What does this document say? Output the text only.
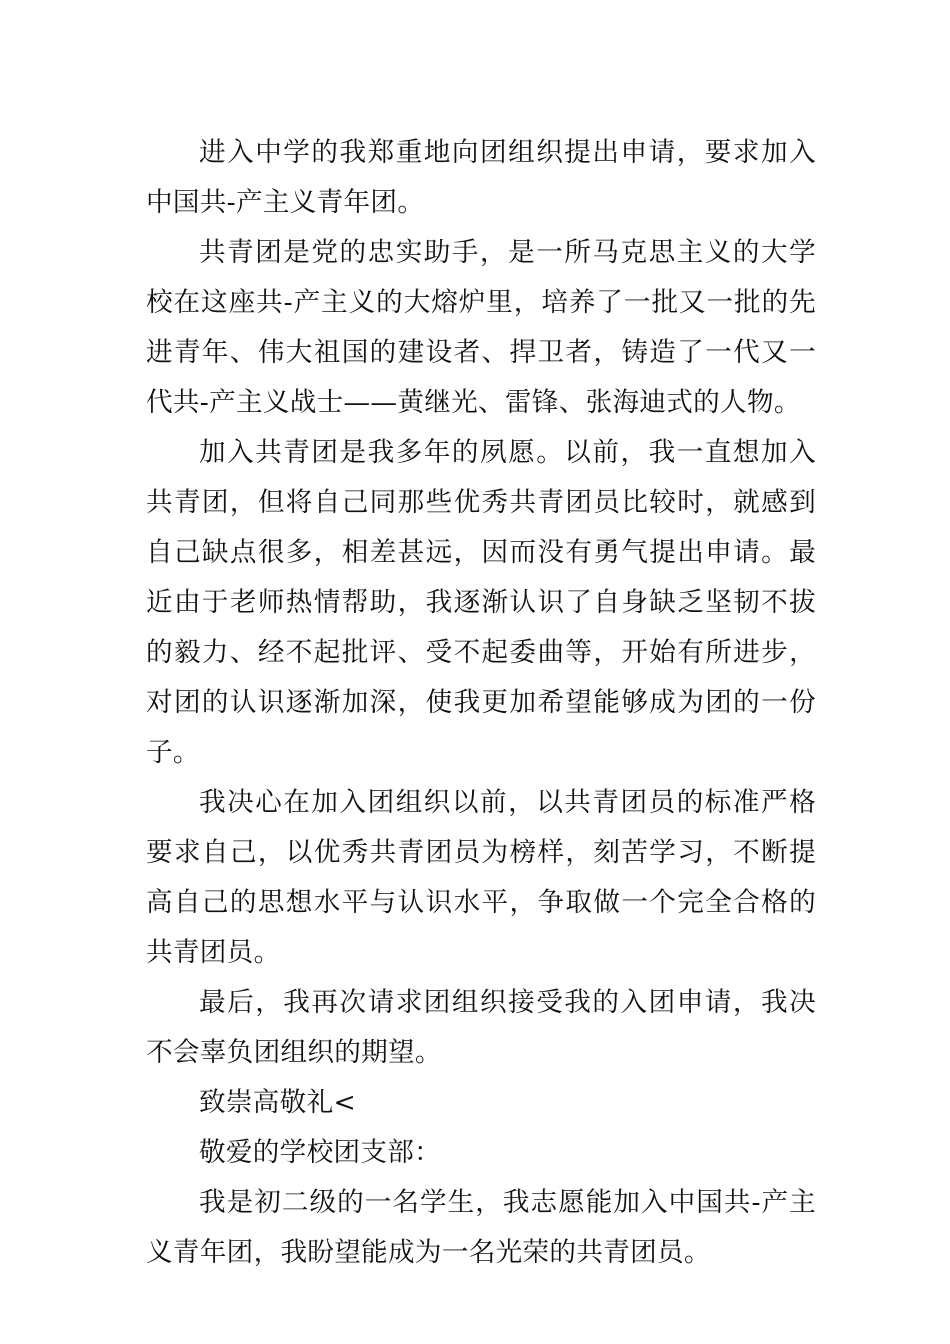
进入中学的我郑重地向团组织提出申请，要求加入中国共-产主义青年团。

共青团是党的忠实助手，是一所马克思主义的大学校在这座共-产主义的大熔炉里，培养了一批又一批的先进青年、伟大祖国的建设者、捍卫者，铸造了一代又一代共-产主义战士——黄继光、雷锋、张海迪式的人物。

加入共青团是我多年的夙愿。以前，我一直想加入共青团，但将自己同那些优秀共青团员比较时，就感到自己缺点很多，相差甚远，因而没有勇气提出申请。最近由于老师热情帮助，我逐渐认识了自身缺乏坚韧不拔的毅力、经不起批评、受不起委曲等，开始有所进步，对团的认识逐渐加深，使我更加希望能够成为团的一份子。

我决心在加入团组织以前，以共青团员的标准严格要求自己，以优秀共青团员为榜样，刻苦学习，不断提高自己的思想水平与认识水平，争取做一个完全合格的共青团员。

最后，我再次请求团组织接受我的入团申请，我决不会辜负团组织的期望。

致崇高敬礼<

敬爱的学校团支部：

我是初二级的一名学生，我志愿能加入中国共-产主义青年团，我盼望能成为一名光荣的共青团员。
